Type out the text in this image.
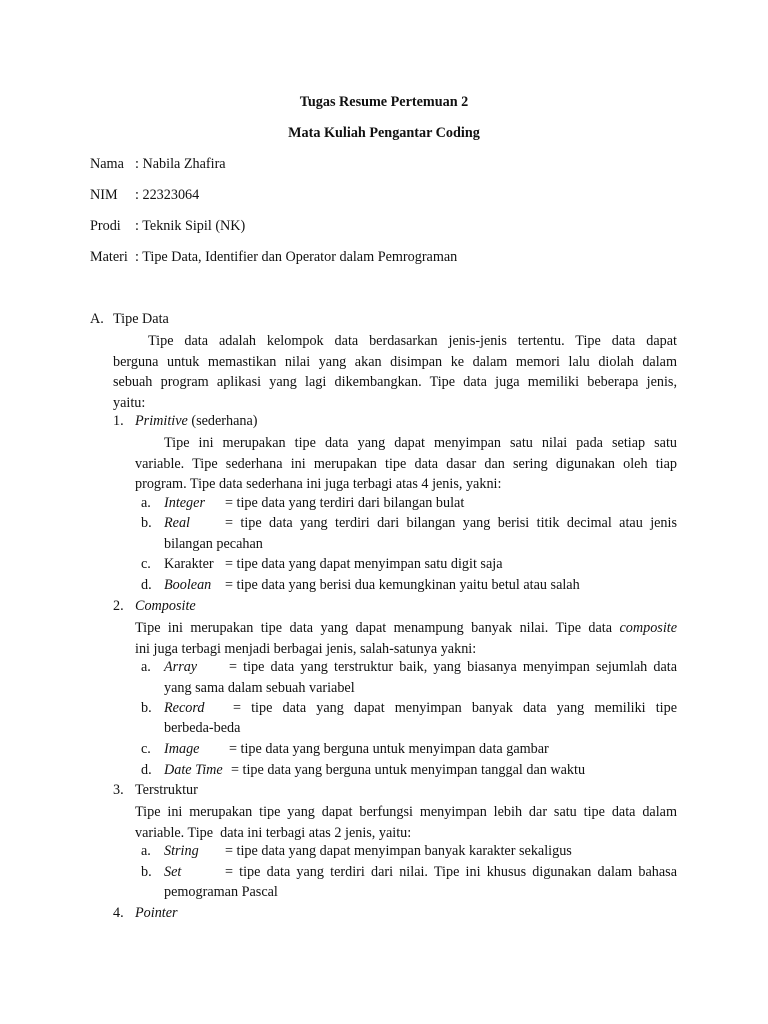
Tugas Resume Pertemuan 2
Mata Kuliah Pengantar Coding
Nama : Nabila Zhafira
NIM : 22323064
Prodi : Teknik Sipil (NK)
Materi : Tipe Data, Identifier dan Operator dalam Pemrograman
A. Tipe Data
Tipe data adalah kelompok data berdasarkan jenis-jenis tertentu. Tipe data dapat
berguna untuk memastikan nilai yang akan disimpan ke dalam memori lalu diolah dalam
sebuah program aplikasi yang lagi dikembangkan. Tipe data juga memiliki beberapa jenis,
yaitu:
1. Primitive (sederhana)
Tipe ini merupakan tipe data yang dapat menyimpan satu nilai pada setiap satu
variable. Tipe sederhana ini merupakan tipe data dasar dan sering digunakan oleh tiap
program. Tipe data sederhana ini juga terbagi atas 4 jenis, yakni:
a. Integer = tipe data yang terdiri dari bilangan bulat
b. Real = tipe data yang terdiri dari bilangan yang berisi titik decimal atau jenis
bilangan pecahan
c. Karakter = tipe data yang dapat menyimpan satu digit saja
d. Boolean = tipe data yang berisi dua kemungkinan yaitu betul atau salah
2. Composite
Tipe ini merupakan tipe data yang dapat menampung banyak nilai. Tipe data composite
ini juga terbagi menjadi berbagai jenis, salah-satunya yakni:
a. Array = tipe data yang terstruktur baik, yang biasanya menyimpan sejumlah data
yang sama dalam sebuah variabel
b. Record = tipe data yang dapat menyimpan banyak data yang memiliki tipe
berbeda-beda
c. Image = tipe data yang berguna untuk menyimpan data gambar
d. Date Time = tipe data yang berguna untuk menyimpan tanggal dan waktu
3. Terstruktur
Tipe ini merupakan tipe yang dapat berfungsi menyimpan lebih dar satu tipe data dalam
variable. Tipe  data ini terbagi atas 2 jenis, yaitu:
a. String = tipe data yang dapat menyimpan banyak karakter sekaligus
b. Set	= tipe data yang terdiri dari nilai. Tipe ini khusus digunakan dalam bahasa
pemograman Pascal
4. Pointer
